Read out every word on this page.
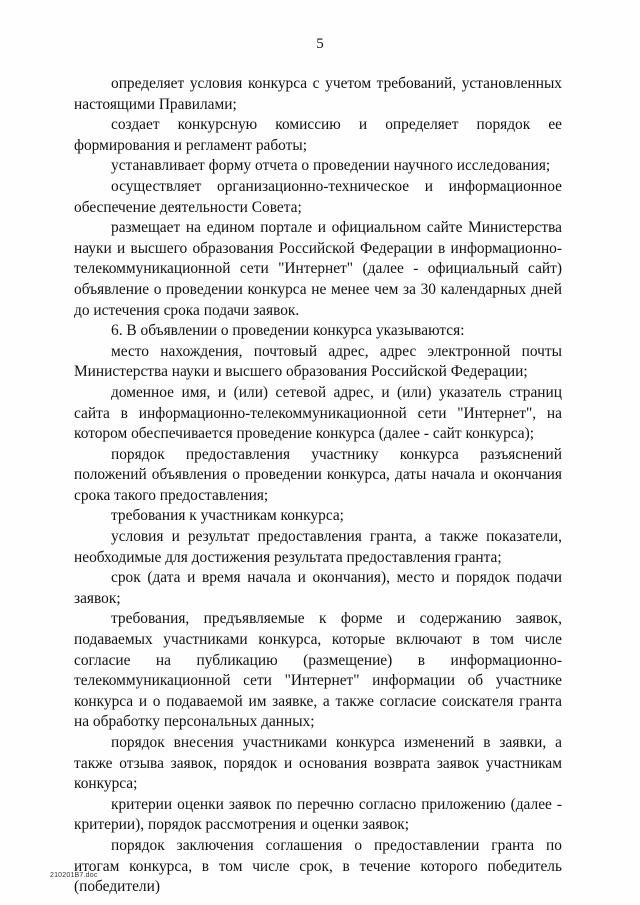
5

определяет условия конкурса с учетом требований, установленных настоящими Правилами;

создает конкурсную комиссию и определяет порядок ее формирования и регламент работы;

устанавливает форму отчета о проведении научного исследования;

осуществляет организационно-техническое и информационное обеспечение деятельности Совета;

размещает на едином портале и официальном сайте Министерства науки и высшего образования Российской Федерации в информационно-телекоммуникационной сети "Интернет" (далее - официальный сайт) объявление о проведении конкурса не менее чем за 30 календарных дней до истечения срока подачи заявок.

6. В объявлении о проведении конкурса указываются:

место нахождения, почтовый адрес, адрес электронной почты Министерства науки и высшего образования Российской Федерации;

доменное имя, и (или) сетевой адрес, и (или) указатель страниц сайта в информационно-телекоммуникационной сети "Интернет", на котором обеспечивается проведение конкурса (далее - сайт конкурса);

порядок предоставления участнику конкурса разъяснений положений объявления о проведении конкурса, даты начала и окончания срока такого предоставления;

требования к участникам конкурса;

условия и результат предоставления гранта, а также показатели, необходимые для достижения результата предоставления гранта;

срок (дата и время начала и окончания), место и порядок подачи заявок;

требования, предъявляемые к форме и содержанию заявок, подаваемых участниками конкурса, которые включают в том числе согласие на публикацию (размещение) в информационно-телекоммуникационной сети "Интернет" информации об участнике конкурса и о подаваемой им заявке, а также согласие соискателя гранта на обработку персональных данных;

порядок внесения участниками конкурса изменений в заявки, а также отзыва заявок, порядок и основания возврата заявок участникам конкурса;

критерии оценки заявок по перечню согласно приложению (далее - критерии), порядок рассмотрения и оценки заявок;

порядок заключения соглашения о предоставлении гранта по итогам конкурса, в том числе срок, в течение которого победитель (победители)

210201В7.doc
